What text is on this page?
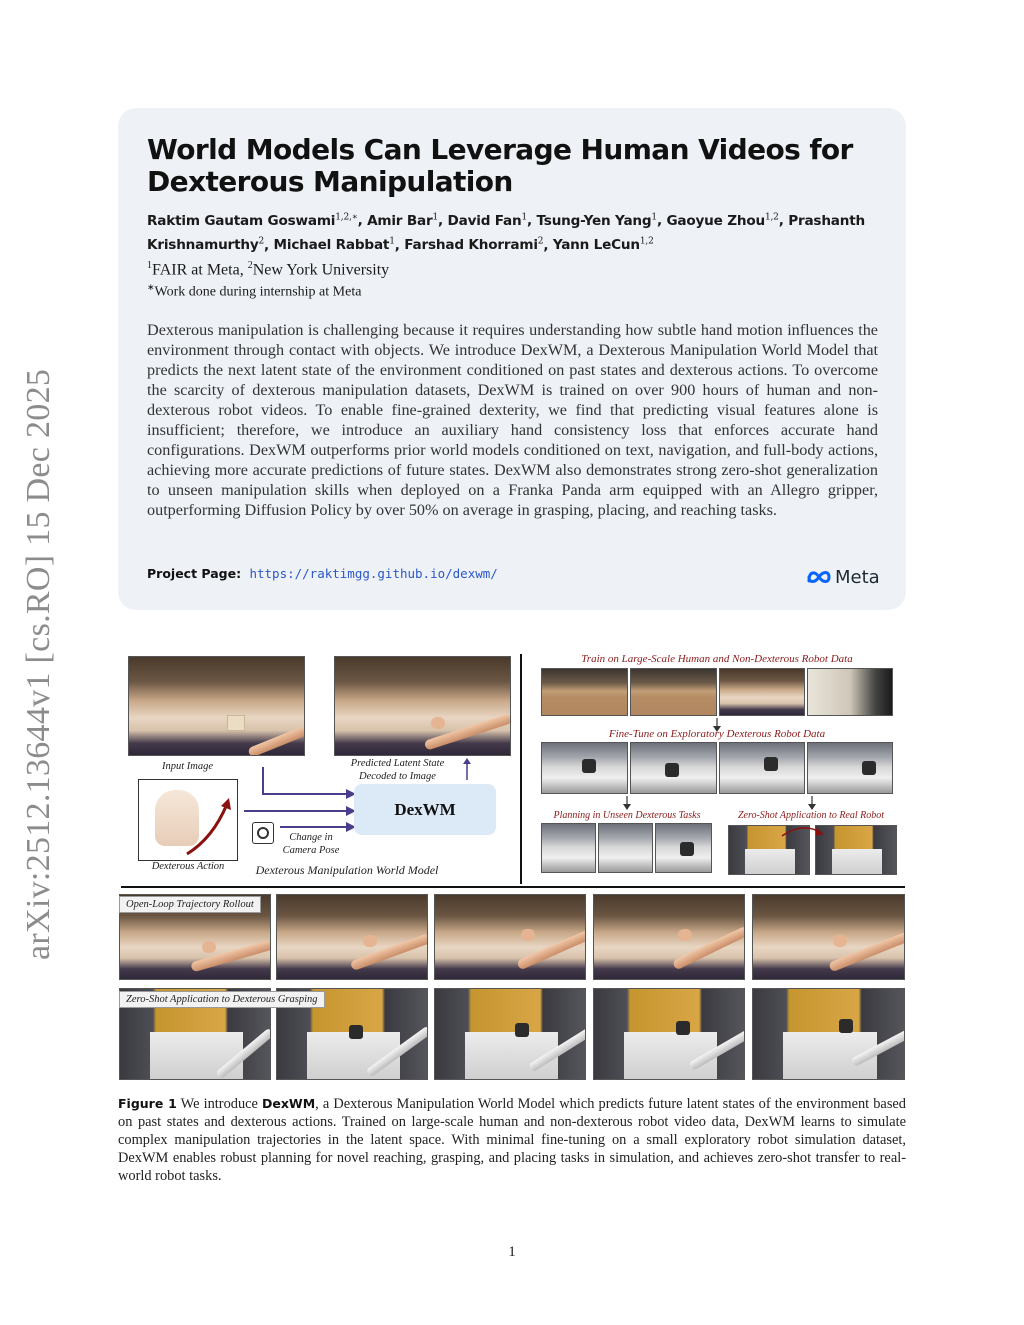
arXiv:2512.13644v1 [cs.RO] 15 Dec 2025
World Models Can Leverage Human Videos for Dexterous Manipulation
Raktim Gautam Goswami$^{1,2,∗}$, Amir Bar$^1$, David Fan$^1$, Tsung-Yen Yang$^1$, Gaoyue Zhou$^{1,2}$, Prashanth Krishnamurthy$^2$, Michael Rabbat$^1$, Farshad Khorrami$^2$, Yann LeCun$^{1,2}$
$^1$FAIR at Meta, $^2$New York University
∗Work done during internship at Meta

Dexterous manipulation is challenging because it requires understanding how subtle hand motion influences the environment through contact with objects. We introduce DexWM, a Dexterous Manipulation World Model that predicts the next latent state of the environment conditioned on past states and dexterous actions. To overcome the scarcity of dexterous manipulation datasets, DexWM is trained on over 900 hours of human and non-dexterous robot videos. To enable fine-grained dexterity, we find that predicting visual features alone is insufficient; therefore, we introduce an auxiliary hand consistency loss that enforces accurate hand configurations. DexWM outperforms prior world models conditioned on text, navigation, and full-body actions, achieving more accurate predictions of future states. DexWM also demonstrates strong zero-shot generalization to unseen manipulation skills when deployed on a Franka Panda arm equipped with an Allegro gripper, outperforming Diffusion Policy by over 50% on average in grasping, placing, and reaching tasks.

Project Page: https://raktimgg.github.io/dexwm/	Meta
Input Image	Predicted Latent State
Decoded to Image
Dexterous Action
Change in
Camera Pose
DexWM
Dexterous Manipulation World Model
Train on Large-Scale Human and Non-Dexterous Robot Data
Fine-Tune on Exploratory Dexterous Robot Data
Planning in Unseen Dexterous Tasks	Zero-Shot Application to Real Robot
Open-Loop Trajectory Rollout
Zero-Shot Application to Dexterous Grasping

Figure 1 We introduce DexWM, a Dexterous Manipulation World Model which predicts future latent states of the environment based on past states and dexterous actions. Trained on large-scale human and non-dexterous robot video data, DexWM learns to simulate complex manipulation trajectories in the latent space. With minimal fine-tuning on a small exploratory robot simulation dataset, DexWM enables robust planning for novel reaching, grasping, and placing tasks in simulation, and achieves zero-shot transfer to real-world robot tasks.

1
